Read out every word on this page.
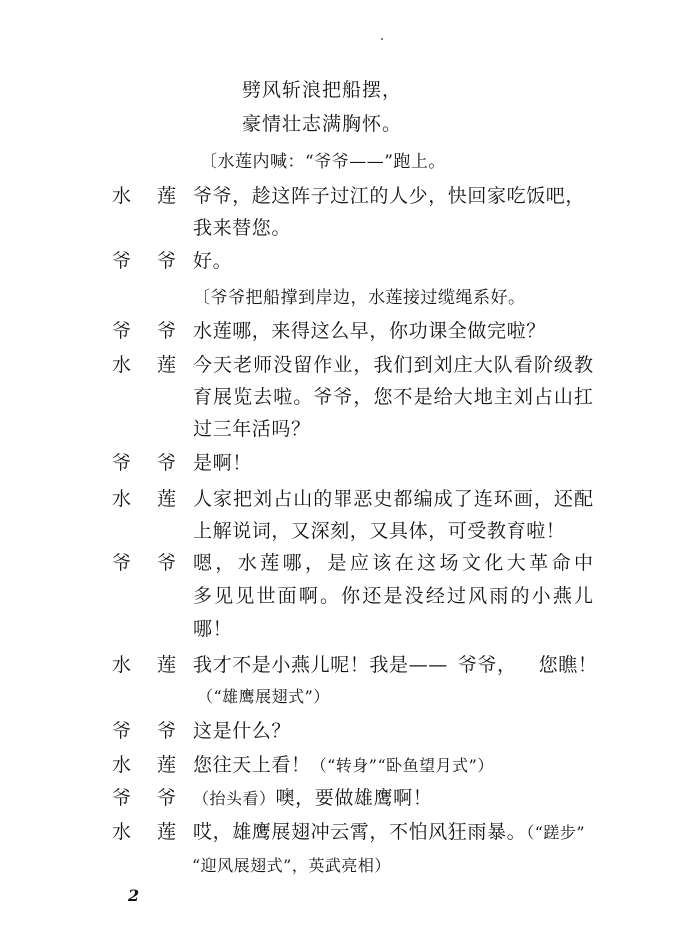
劈风斩浪把船摆，
豪情壮志满胸怀。
〔水莲内喊：“爷爷——”跑上。
水 莲 爷爷，趁这阵子过江的人少，快回家吃饭吧，
我来替您。
爷 爷 好。
〔爷爷把船撑到岸边，水莲接过缆绳系好。
爷 爷 水莲哪，来得这么早，你功课全做完啦？
水 莲 今天老师没留作业，我们到刘庄大队看阶级教
育展览去啦。爷爷，您不是给大地主刘占山扛
过三年活吗？
爷 爷 是啊！
水 莲 人家把刘占山的罪恶史都编成了连环画，还配
上解说词，又深刻，又具体，可受教育啦！
爷 爷 嗯，水莲哪，是应该在这场文化大革命中
多见见世面啊。你还是没经过风雨的小燕儿
哪！
水 莲 我才不是小燕儿呢！我是—— 爷爷， 您瞧！
（“雄鹰展翅式”）
爷 爷 这是什么？
水 莲 您往天上看！（“转身”“卧鱼望月式”）
爷 爷 （抬头看）噢，要做雄鹰啊！
水 莲 哎，雄鹰展翅冲云霄，不怕风狂雨暴。（“蹉步”
“迎风展翅式”，英武亮相）
2
